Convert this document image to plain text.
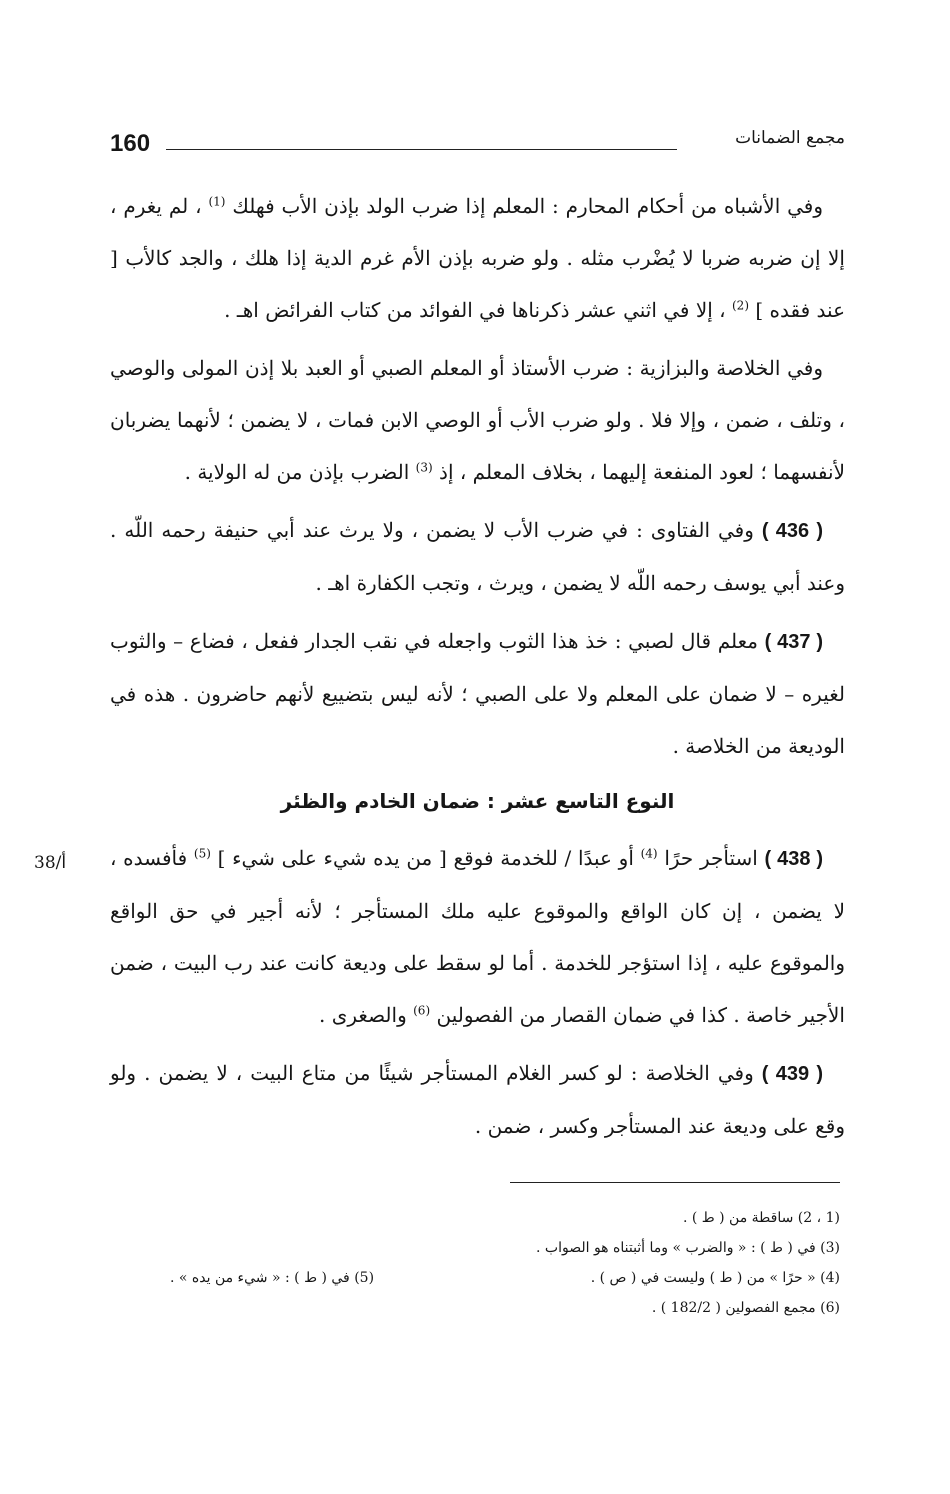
160	مجمع الضمانات

وفي الأشباه من أحكام المحارم : المعلم إذا ضرب الولد بإذن الأب فهلك $^{(1)}$ ، لم يغرم ، إلا إن ضربه ضربا لا يُضْرب مثله . ولو ضربه بإذن الأم غرم الدية إذا هلك ، والجد كالأب [ عند فقده ] $^{(2)}$ ، إلا في اثني عشر ذكرناها في الفوائد من كتاب الفرائض اهـ .

وفي الخلاصة والبزازية : ضرب الأستاذ أو المعلم الصبي أو العبد بلا إذن المولى والوصي ، وتلف ، ضمن ، وإلا فلا . ولو ضرب الأب أو الوصي الابن فمات ، لا يضمن ؛ لأنهما يضربان لأنفسهما ؛ لعود المنفعة إليهما ، بخلاف المعلم ، إذ $^{(3)}$ الضرب بإذن من له الولاية .

( 436 ) وفي الفتاوى : في ضرب الأب لا يضمن ، ولا يرث عند أبي حنيفة رحمه اللّه . وعند أبي يوسف رحمه اللّه لا يضمن ، ويرث ، وتجب الكفارة اهـ .

( 437 ) معلم قال لصبي : خذ هذا الثوب واجعله في نقب الجدار ففعل ، فضاع – والثوب لغيره – لا ضمان على المعلم ولا على الصبي ؛ لأنه ليس بتضييع لأنهم حاضرون . هذه في الوديعة من الخلاصة .

النوع التاسع عشر : ضمان الخادم والظئر

( 438 ) استأجر حرًا $^{(4)}$ أو عبدًا / للخدمة فوقع [ من يده شيء على شيء ] $^{(5)}$ فأفسده ، لا يضمن ، إن كان الواقع والموقوع عليه ملك المستأجر ؛ لأنه أجير في حق الواقع والموقوع عليه ، إذا استؤجر للخدمة . أما لو سقط على وديعة كانت عند رب البيت ، ضمن الأجير خاصة . كذا في ضمان القصار من الفصولين $^{(6)}$ والصغرى .

( 439 ) وفي الخلاصة : لو كسر الغلام المستأجر شيئًا من متاع البيت ، لا يضمن . ولو وقع على وديعة عند المستأجر وكسر ، ضمن .

38/أ
(1 ، 2) ساقطة من ( ط ) .
(3) في ( ط ) : « والضرب » وما أثبتناه هو الصواب .
(4) « حرًا » من ( ط ) وليست في ( ص ) .
(5) في ( ط ) : « شيء من يده » .
(6) مجمع الفصولين ( 182/2 ) .
